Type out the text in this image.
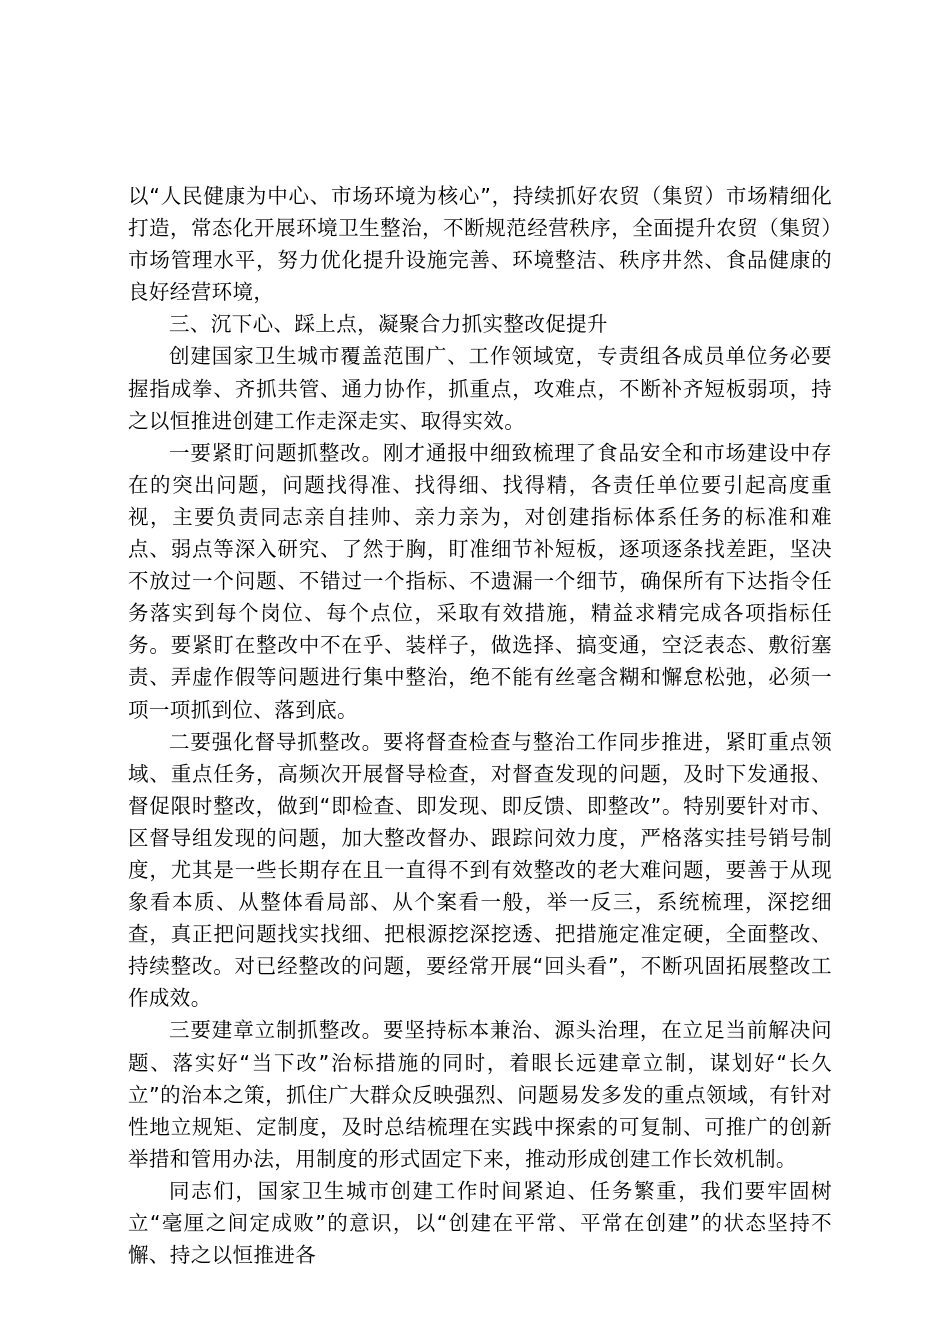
以“人民健康为中心、市场环境为核心”，持续抓好农贸（集贸）市场精细化打造，常态化开展环境卫生整治，不断规范经营秩序，全面提升农贸（集贸）市场管理水平，努力优化提升设施完善、环境整洁、秩序井然、食品健康的良好经营环境，

三、沉下心、踩上点，凝聚合力抓实整改促提升

创建国家卫生城市覆盖范围广、工作领域宽，专责组各成员单位务必要握指成拳、齐抓共管、通力协作，抓重点，攻难点，不断补齐短板弱项，持之以恒推进创建工作走深走实、取得实效。

一要紧盯问题抓整改。刚才通报中细致梳理了食品安全和市场建设中存在的突出问题，问题找得准、找得细、找得精，各责任单位要引起高度重视，主要负责同志亲自挂帅、亲力亲为，对创建指标体系任务的标准和难点、弱点等深入研究、了然于胸，盯准细节补短板，逐项逐条找差距，坚决不放过一个问题、不错过一个指标、不遗漏一个细节，确保所有下达指令任务落实到每个岗位、每个点位，采取有效措施，精益求精完成各项指标任务。要紧盯在整改中不在乎、装样子，做选择、搞变通，空泛表态、敷衍塞责、弄虚作假等问题进行集中整治，绝不能有丝毫含糊和懈怠松弛，必须一项一项抓到位、落到底。

二要强化督导抓整改。要将督查检查与整治工作同步推进，紧盯重点领域、重点任务，高频次开展督导检查，对督查发现的问题，及时下发通报、督促限时整改，做到“即检查、即发现、即反馈、即整改”。特别要针对市、区督导组发现的问题，加大整改督办、跟踪问效力度，严格落实挂号销号制度，尤其是一些长期存在且一直得不到有效整改的老大难问题，要善于从现象看本质、从整体看局部、从个案看一般，举一反三，系统梳理，深挖细查，真正把问题找实找细、把根源挖深挖透、把措施定准定硬，全面整改、持续整改。对已经整改的问题，要经常开展“回头看”，不断巩固拓展整改工作成效。

三要建章立制抓整改。要坚持标本兼治、源头治理，在立足当前解决问题、落实好“当下改”治标措施的同时，着眼长远建章立制，谋划好“长久立”的治本之策，抓住广大群众反映强烈、问题易发多发的重点领域，有针对性地立规矩、定制度，及时总结梳理在实践中探索的可复制、可推广的创新举措和管用办法，用制度的形式固定下来，推动形成创建工作长效机制。

同志们，国家卫生城市创建工作时间紧迫、任务繁重，我们要牢固树立“毫厘之间定成败”的意识，以“创建在平常、平常在创建”的状态坚持不懈、持之以恒推进各
